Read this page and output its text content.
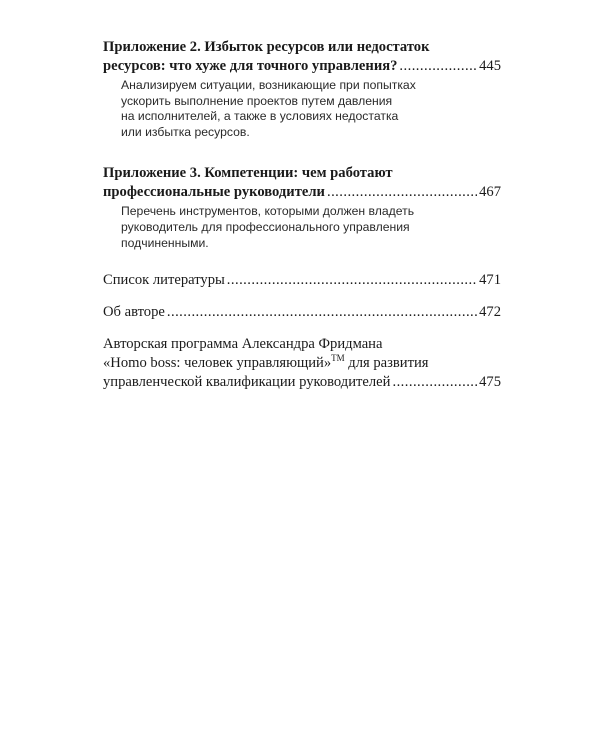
Приложение 2. Избыток ресурсов или недостаток
ресурсов: что хуже для точного управления? . . .	445
Анализируем ситуации, возникающие при попытках
ускорить выполнение проектов путем давления
на исполнителей, а также в условиях недостатка
или избытка ресурсов.
Приложение 3. Компетенции: чем работают
профессиональные руководители . . .	467
Перечень инструментов, которыми должен владеть
руководитель для профессионального управления
подчиненными.
Список литературы . . .	471
Об авторе . . .	472
Авторская программа Александра Фридмана
«Homo boss: человек управляющий»™ для развития
управленческой квалификации руководителей . . .	475
